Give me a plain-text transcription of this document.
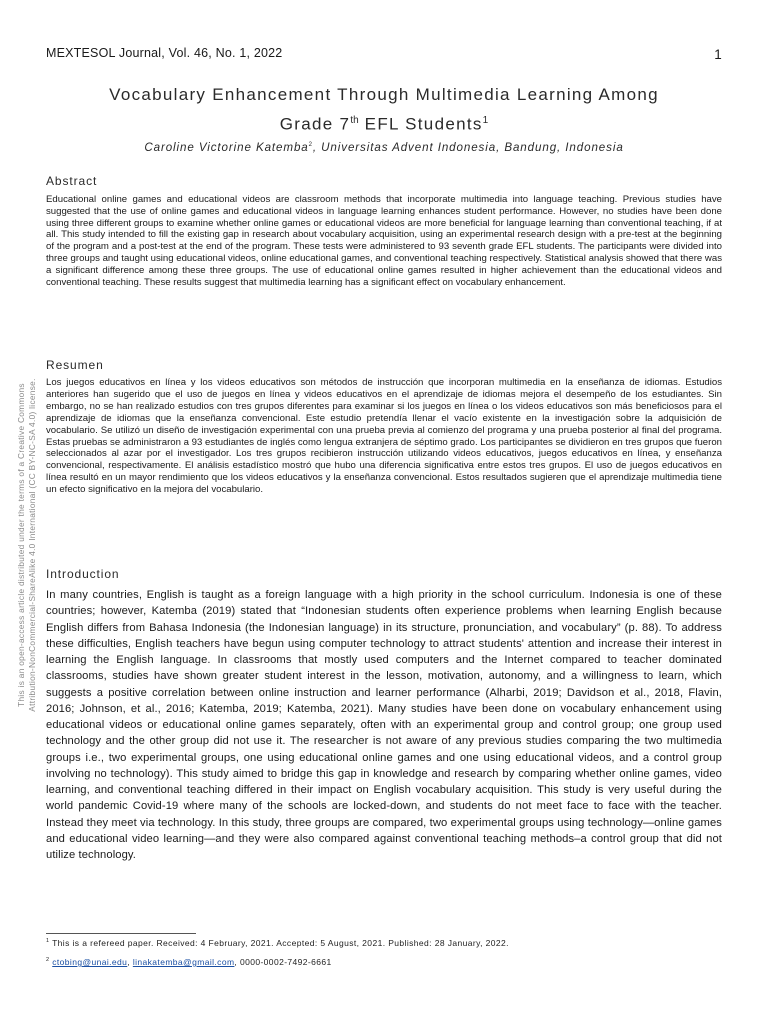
MEXTESOL Journal, Vol. 46, No. 1, 2022	1
Vocabulary Enhancement Through Multimedia Learning Among
Grade 7th EFL Students$^1$
Caroline Victorine Katemba$^2$, Universitas Advent Indonesia, Bandung, Indonesia
Abstract
Educational online games and educational videos are classroom methods that incorporate multimedia into language teaching. Previous studies have suggested that the use of online games and educational videos in language learning enhances student performance. However, no studies have been done using three different groups to examine whether online games or educational videos are more beneficial for language learning than conventional teaching, if at all. This study intended to fill the existing gap in research about vocabulary acquisition, using an experimental research design with a pre-test at the beginning of the program and a post-test at the end of the program. These tests were administered to 93 seventh grade EFL students. The participants were divided into three groups and taught using educational videos, online educational games, and conventional teaching respectively. Statistical analysis showed that there was a significant difference among these three groups. The use of educational online games resulted in higher achievement than the educational videos and conventional teaching. These results suggest that multimedia learning has a significant effect on vocabulary enhancement.
Resumen
Los juegos educativos en línea y los videos educativos son métodos de instrucción que incorporan multimedia en la enseñanza de idiomas. Estudios anteriores han sugerido que el uso de juegos en línea y videos educativos en el aprendizaje de idiomas mejora el desempeño de los estudiantes. Sin embargo, no se han realizado estudios con tres grupos diferentes para examinar si los juegos en línea o los videos educativos son más beneficiosos para el aprendizaje de idiomas que la enseñanza convencional. Este estudio pretendía llenar el vacío existente en la investigación sobre la adquisición de vocabulario. Se utilizó un diseño de investigación experimental con una prueba previa al comienzo del programa y una prueba posterior al final del programa. Estas pruebas se administraron a 93 estudiantes de inglés como lengua extranjera de séptimo grado. Los participantes se dividieron en tres grupos que fueron seleccionados al azar por el investigador. Los tres grupos recibieron instrucción utilizando videos educativos, juegos educativos en línea, y enseñanza convencional, respectivamente. El análisis estadístico mostró que hubo una diferencia significativa entre estos tres grupos. El uso de juegos educativos en línea resultó en un mayor rendimiento que los videos educativos y la enseñanza convencional. Estos resultados sugieren que el aprendizaje multimedia tiene un efecto significativo en la mejora del vocabulario.
Introduction
In many countries, English is taught as a foreign language with a high priority in the school curriculum. Indonesia is one of these countries; however, Katemba (2019) stated that “Indonesian students often experience problems when learning English because English differs from Bahasa Indonesia (the Indonesian language) in its structure, pronunciation, and vocabulary” (p. 88). To address these difficulties, English teachers have begun using computer technology to attract students' attention and increase their interest in learning the English language. In classrooms that mostly used computers and the Internet compared to teacher dominated classrooms, studies have shown greater student interest in the lesson, motivation, autonomy, and a willingness to learn, which suggests a positive correlation between online instruction and learner performance (Alharbi, 2019; Davidson et al., 2018, Flavin, 2016; Johnson, et al., 2016; Katemba, 2019; Katemba, 2021). Many studies have been done on vocabulary enhancement using educational videos or educational online games separately, often with an experimental group and control group; one group used technology and the other group did not use it. The researcher is not aware of any previous studies comparing the two multimedia groups i.e., two experimental groups, one using educational online games and one using educational videos, and a control group involving no technology). This study aimed to bridge this gap in knowledge and research by comparing whether online games, video learning, and conventional teaching differed in their impact on English vocabulary acquisition. This study is very useful during the world pandemic Covid-19 where many of the schools are locked-down, and students do not meet face to face with the teacher. Instead they meet via technology. In this study, three groups are compared, two experimental groups using technology—online games and educational video learning—and they were also compared against conventional teaching methods–a control group that did not utilize technology.
$^1$ This is a refereed paper. Received: 4 February, 2021. Accepted: 5 August, 2021. Published: 28 January, 2022.
$^2$ ctobing@unai.edu, linakatemba@gmail.com, 0000-0002-7492-6661
This is an open-access article distributed under the terms of a Creative Commons Attribution-NonCommercial-ShareAlike 4.0 International (CC BY-NC-SA 4.0) license.
